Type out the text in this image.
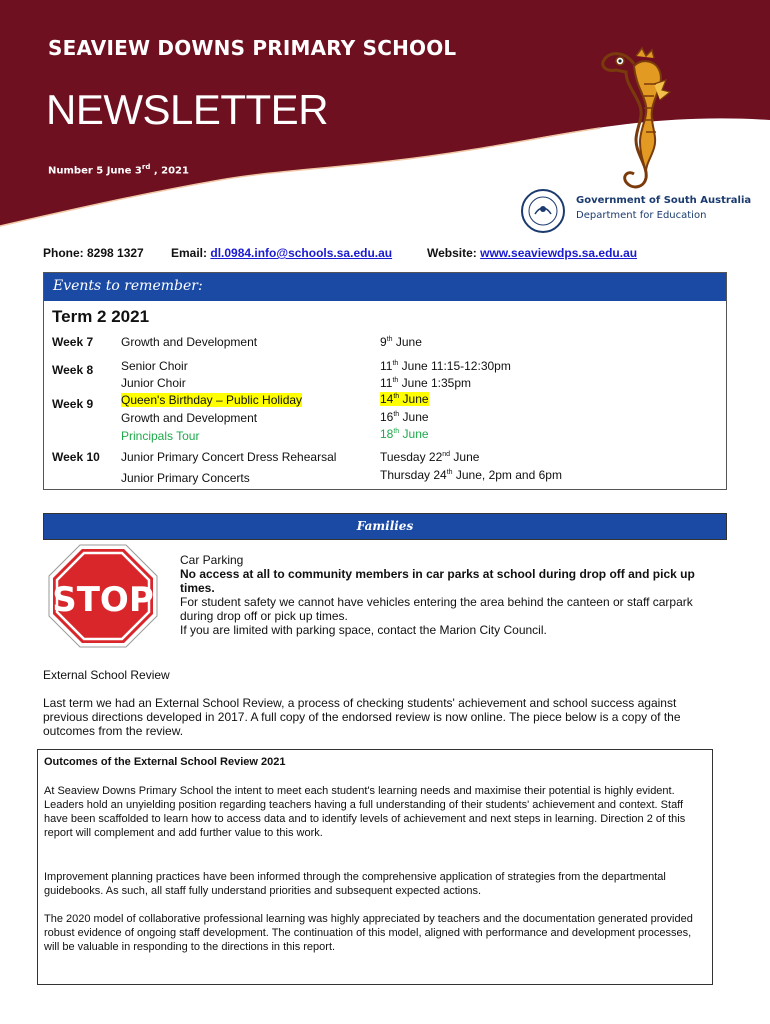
SEAVIEW DOWNS PRIMARY SCHOOL
NEWSLETTER
Number 5 June 3rd , 2021
Government of South Australia
Department for Education
Phone: 8298 1327 Email: dl.0984.info@schools.sa.edu.au	Website: www.seaviewdps.sa.edu.au
Events to remember:
Term 2 2021
Week 7 Growth and Development	9th June
Week 8 Senior Choir	11th June 11:15-12:30pm
Junior Choir	11th June 1:35pm
Week 9 Queen's Birthday – Public Holiday	14th June
Growth and Development	16th June
Principals Tour	18th June
Week 10 Junior Primary Concert Dress Rehearsal	Tuesday 22nd June
Junior Primary Concerts	Thursday 24th June, 2pm and 6pm
Families
STOP
Car Parking
No access at all to community members in car parks at school during drop off and pick up times.
For student safety we cannot have vehicles entering the area behind the canteen or staff carpark during drop off or pick up times.
If you are limited with parking space, contact the Marion City Council.
External School Review
Last term we had an External School Review, a process of checking students' achievement and school success against previous directions developed in 2017. A full copy of the endorsed review is now online. The piece below is a copy of the outcomes from the review.
Outcomes of the External School Review 2021
At Seaview Downs Primary School the intent to meet each student's learning needs and maximise their potential is highly evident. Leaders hold an unyielding position regarding teachers having a full understanding of their students' achievement and context. Staff have been scaffolded to learn how to access data and to identify levels of achievement and next steps in learning. Direction 2 of this report will complement and add further value to this work.
Improvement planning practices have been informed through the comprehensive application of strategies from the departmental guidebooks. As such, all staff fully understand priorities and subsequent expected actions.
The 2020 model of collaborative professional learning was highly appreciated by teachers and the documentation generated provided robust evidence of ongoing staff development. The continuation of this model, aligned with performance and development processes, will be valuable in responding to the directions in this report.
